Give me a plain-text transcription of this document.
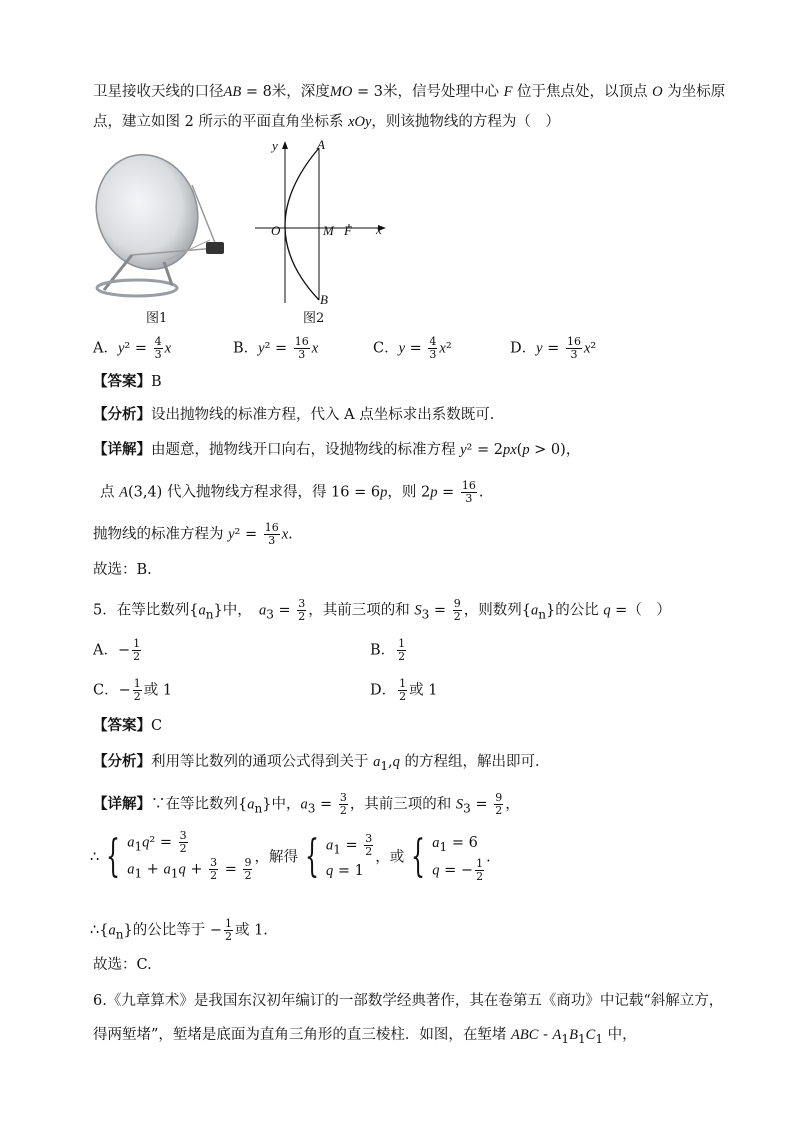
卫星接收天线的口径AB = 8米，深度MO = 3米，信号处理中心 F 位于焦点处，以顶点 O 为坐标原
点，建立如图 2 所示的平面直角坐标系 xOy，则该抛物线的方程为（　）
图1
y	A
O	M F x
B
图2
A．$y^2 = \frac{4}{3}$ x	B．$y^2 = \frac{16}{3}$ x	C．$y = \frac{4}{3} x^2$	D．$y = \frac{16}{3} x^2$
【答案】B
【分析】设出抛物线的标准方程，代入 A 点坐标求出系数既可.
【详解】由题意，抛物线开口向右，设抛物线的标准方程 y² = 2px(p > 0)，
点 A(3,4) 代入抛物线方程求得，得 16 = 6p，则 $2p = \frac{16}{3}$ .
抛物线的标准方程为 $y^2 = \frac{16}{3} x$.
故选：B.
5．在等比数列$\{a_n\}$中，　$a_3 = \frac{3}{2}$ ，其前三项的和 $S_3 = \frac{9}{2}$ ，则数列$\{a_n\}$的公比 q =（　）
A．− $\frac{1}{2}$	B． $\frac{1}{2}$
C．− $\frac{1}{2}$ 或 1	D． $\frac{1}{2}$ 或 1
【答案】C
【分析】利用等比数列的通项公式得到关于 $a_1,q$ 的方程组，解出即可.
【详解】∵在等比数列$\{a_n\}$中，$a_3 = \frac{3}{2}$ ，其前三项的和 $S_3 = \frac{9}{2}$ ，
∴ { $a_1q^2 = \frac{3}{2}$
$a_1 + a_1q + \frac{3}{2} = \frac{9}{2}$ ，解得 { $a_1 = \frac{3}{2}$
q = 1
，或 { $a_1 = 6$
q = − $\frac{1}{2}$
.
$\therefore\{a_n\}$的公比等于 − $\frac{1}{2}$ 或 1.
故选：C.
6.《九章算术》是我国东汉初年编订的一部数学经典著作，其在卷第五《商功》中记载“斜解立方，
得两堑堵”，堑堵是底面为直角三角形的直三棱柱．如图，在堑堵 ABC - $A_1B_1C_1$ 中，
